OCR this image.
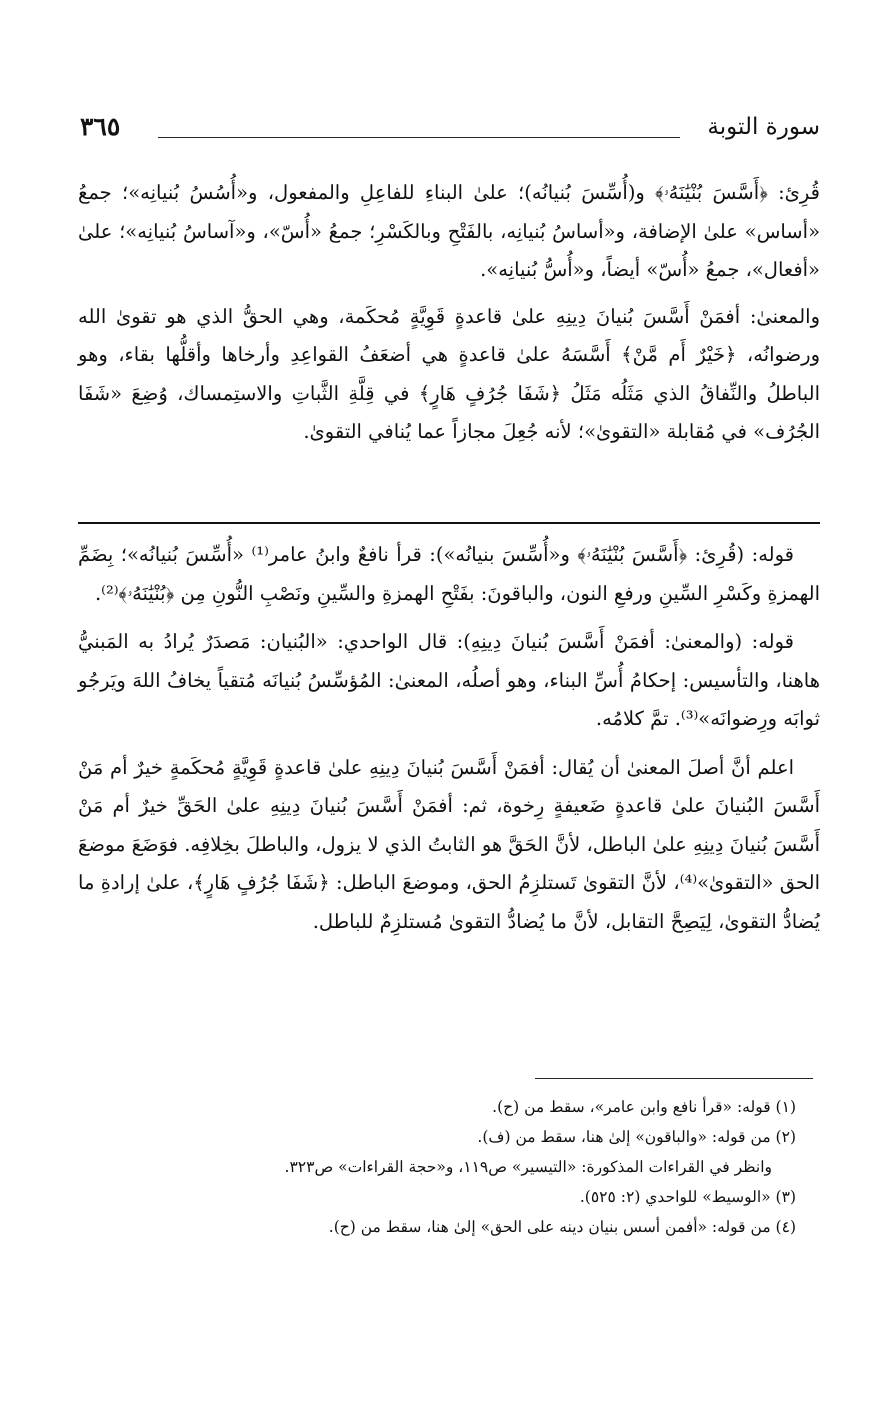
سورة التوبة
٣٦٥

قُرِئ: ﴿أَسَّسَ بُنْيَٰنَهُۥ﴾ و(أُسِّسَ بُنيانُه)؛ علىٰ البناءِ للفاعِلِ والمفعول، و«أُسُسُ بُنيانِه»؛ جمعُ «أساس» علىٰ الإضافة، و«أساسُ بُنيانِه، بالفَتْحِ وبالكَسْرِ؛ جمعُ «أُسّ»، و«آساسُ بُنيانِه»؛ علىٰ «أفعال»، جمعُ «أُسّ» أيضاً، و«أُسُّ بُنيانِه».

والمعنىٰ: أفمَنْ أَسَّسَ بُنيانَ دِينِهِ علىٰ قاعدةٍ قَوِيَّةٍ مُحكَمة، وهي الحقُّ الذي هو تقوىٰ الله ورضوانُه، ﴿خَيْرٌ أَم مَّنْ﴾ أَسَّسَهُ علىٰ قاعدةٍ هي أضعَفُ القواعِدِ وأرخاها وأقلُّها بقاء، وهو الباطلُ والنِّفاقُ الذي مَثَلُه مَثَلُ ﴿شَفَا جُرُفٍ هَارٍ﴾ في قِلَّةِ الثَّباتِ والاستِمساك، وُضِعَ «شَفَا الجُرُف» في مُقابلة «التقوىٰ»؛ لأنه جُعِلَ مجازاً عما يُنافي التقوىٰ.

قوله: (قُرِئ: ﴿أَسَّسَ بُنْيَٰنَهُۥ﴾ و«أُسِّسَ بنيانُه»): قرأ نافعٌ وابنُ عامر⁽¹⁾ «أُسِّسَ بُنيانُه»؛ بِضَمِّ الهمزةِ وكَسْرِ السِّينِ ورفعِ النون، والباقونَ: بفَتْحِ الهمزةِ والسِّينِ ونَصْبِ النُّونِ مِن ﴿بُنْيَٰنَهُۥ﴾⁽²⁾.

قوله: (والمعنىٰ: أفمَنْ أَسَّسَ بُنيانَ دِينِهِ): قال الواحدي: «البُنيان: مَصدَرٌ يُرادُ به المَبنيُّ هاهنا، والتأسيس: إحكامُ أُسِّ البناء، وهو أصلُه، المعنىٰ: المُؤسِّسُ بُنيانَه مُتقياً يخافُ اللهَ ويَرجُو ثوابَه ورِضوانَه»⁽³⁾. تمَّ كلامُه.

اعلم أنَّ أصلَ المعنىٰ أن يُقال: أفمَنْ أَسَّسَ بُنيانَ دِينِهِ علىٰ قاعدةٍ قَوِيَّةٍ مُحكَمةٍ خيرٌ أم مَنْ أَسَّسَ البُنيانَ علىٰ قاعدةٍ ضَعيفةٍ رِخوة، ثم: أفمَنْ أَسَّسَ بُنيانَ دِينِهِ علىٰ الحَقِّ خيرٌ أم مَنْ أَسَّسَ بُنيانَ دِينِهِ علىٰ الباطل، لأنَّ الحَقَّ هو الثابتُ الذي لا يزول، والباطلَ بخِلافِه. فوَضَعَ موضعَ الحق «التقوىٰ»⁽⁴⁾، لأنَّ التقوىٰ تَستلزِمُ الحق، وموضعَ الباطل: ﴿شَفَا جُرُفٍ هَارٍ﴾، علىٰ إرادةِ ما يُضادُّ التقوىٰ، لِيَصِحَّ التقابل، لأنَّ ما يُضادُّ التقوىٰ مُستلزِمٌ للباطل.

(١) قوله: «قرأ نافع وابن عامر»، سقط من (ح).

(٢) من قوله: «والباقون» إلىٰ هنا، سقط من (ف).

وانظر في القراءات المذكورة: «التيسير» ص١١٩، و«حجة القراءات» ص٣٢٣.

(٣) «الوسيط» للواحدي (٢: ٥٢٥).

(٤) من قوله: «أفمن أسس بنيان دينه على الحق» إلىٰ هنا، سقط من (ح).
